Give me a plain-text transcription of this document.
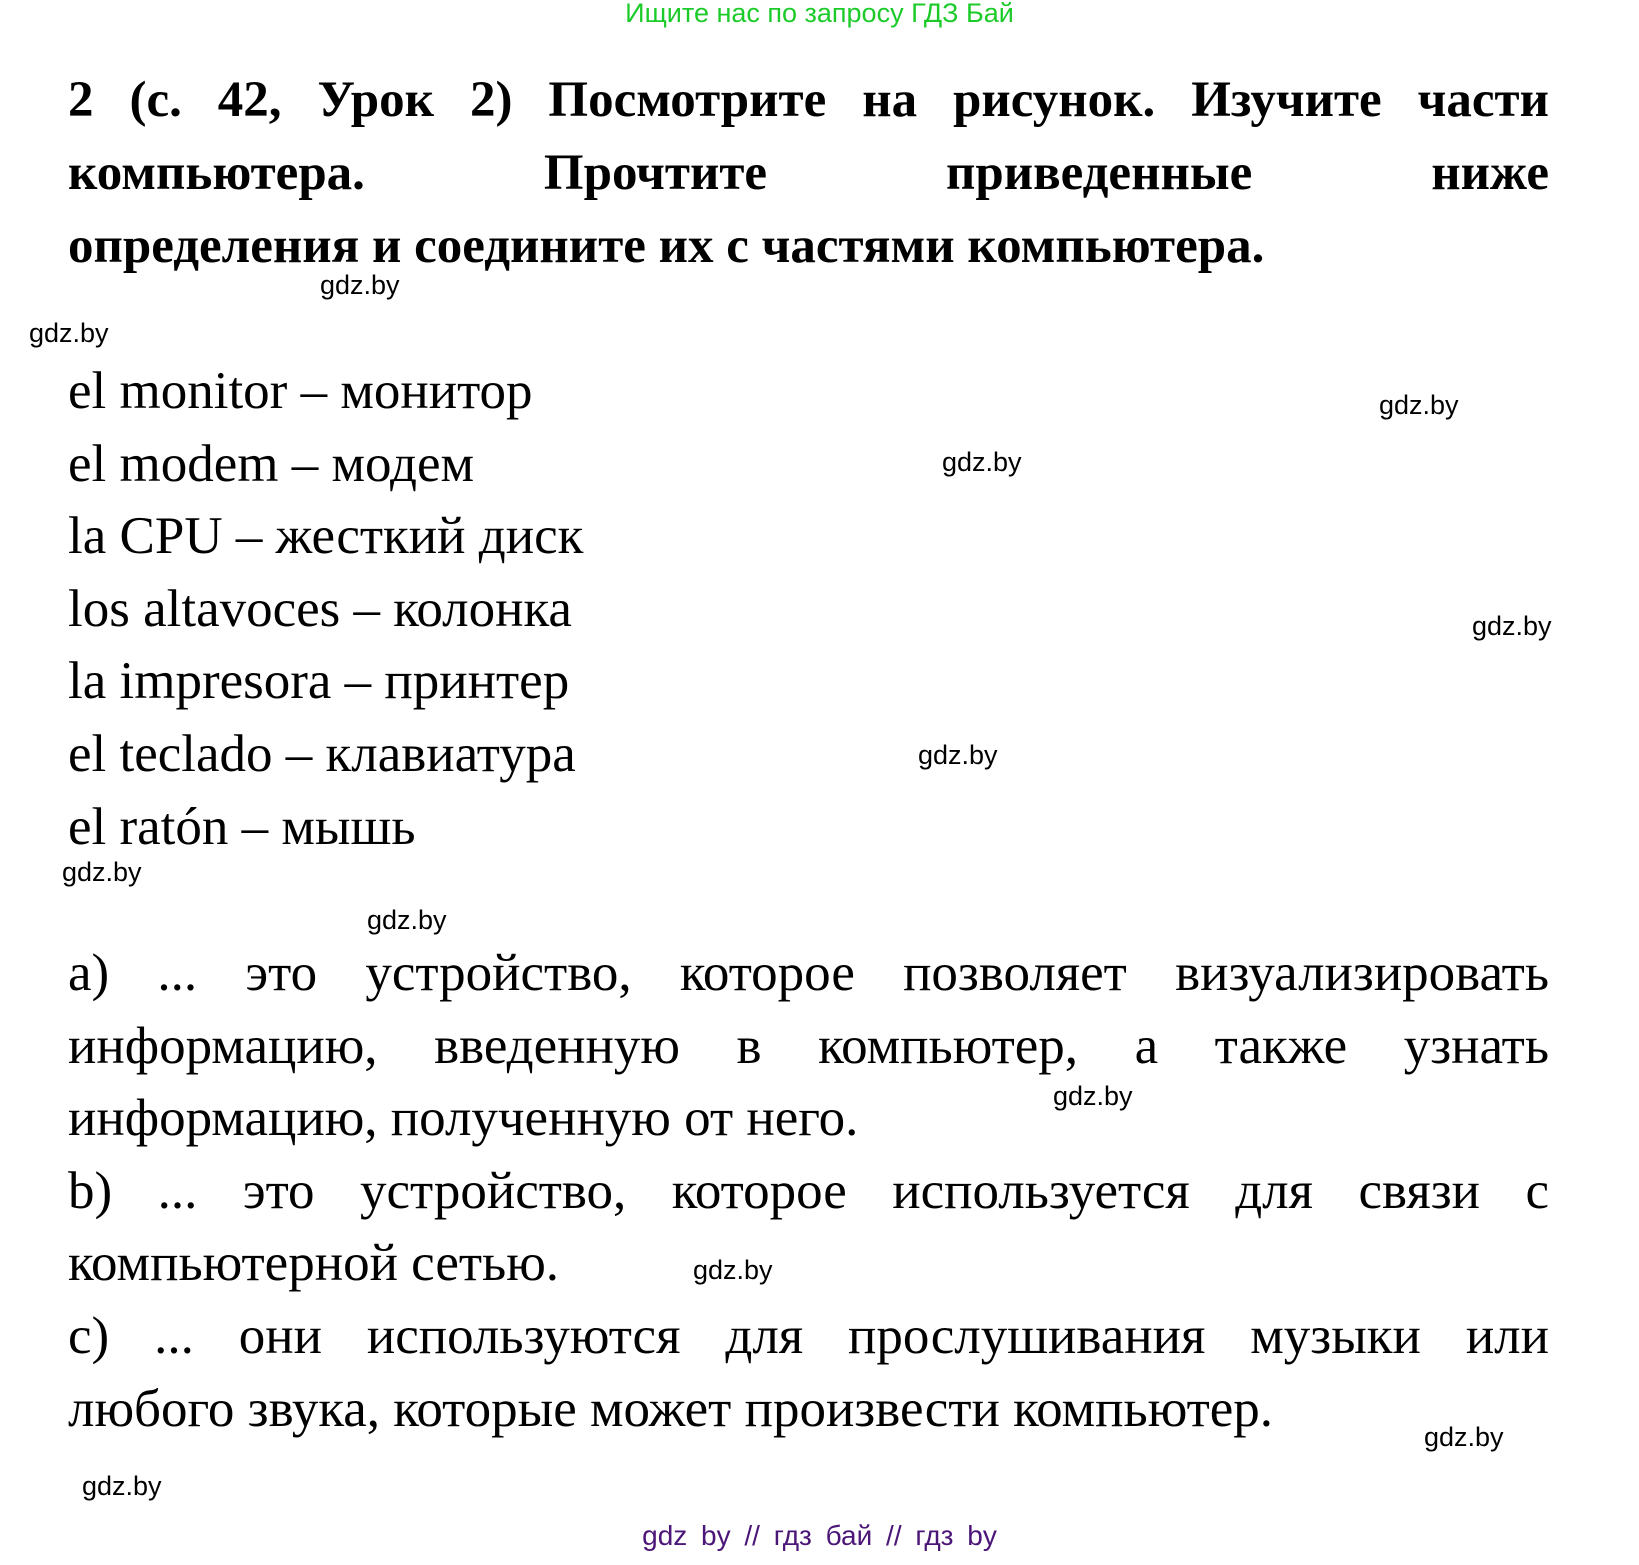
Ищите нас по запросу ГДЗ Бай
2 (с. 42, Урок 2) Посмотрите на рисунок. Изучите части
компьютера. Прочтите приведенные ниже
определения и соедините их с частями компьютера.
el monitor – монитор
el modem – модем
la CPU – жесткий диск
los altavoces – колонка
la impresora – принтер
el teclado – клавиатура
el ratón – мышь
a) ... это устройство, которое позволяет визуализировать
информацию, введенную в компьютер, а также узнать
информацию, полученную от него.
b) ... это устройство, которое используется для связи с
компьютерной сетью.
c) ... они используются для прослушивания музыки или
любого звука, которые может произвести компьютер.
gdz.by
gdz.by
gdz.by
gdz.by
gdz.by
gdz.by
gdz.by
gdz.by
gdz.by
gdz.by
gdz.by
gdz.by
gdz by // гдз бай // гдз by
